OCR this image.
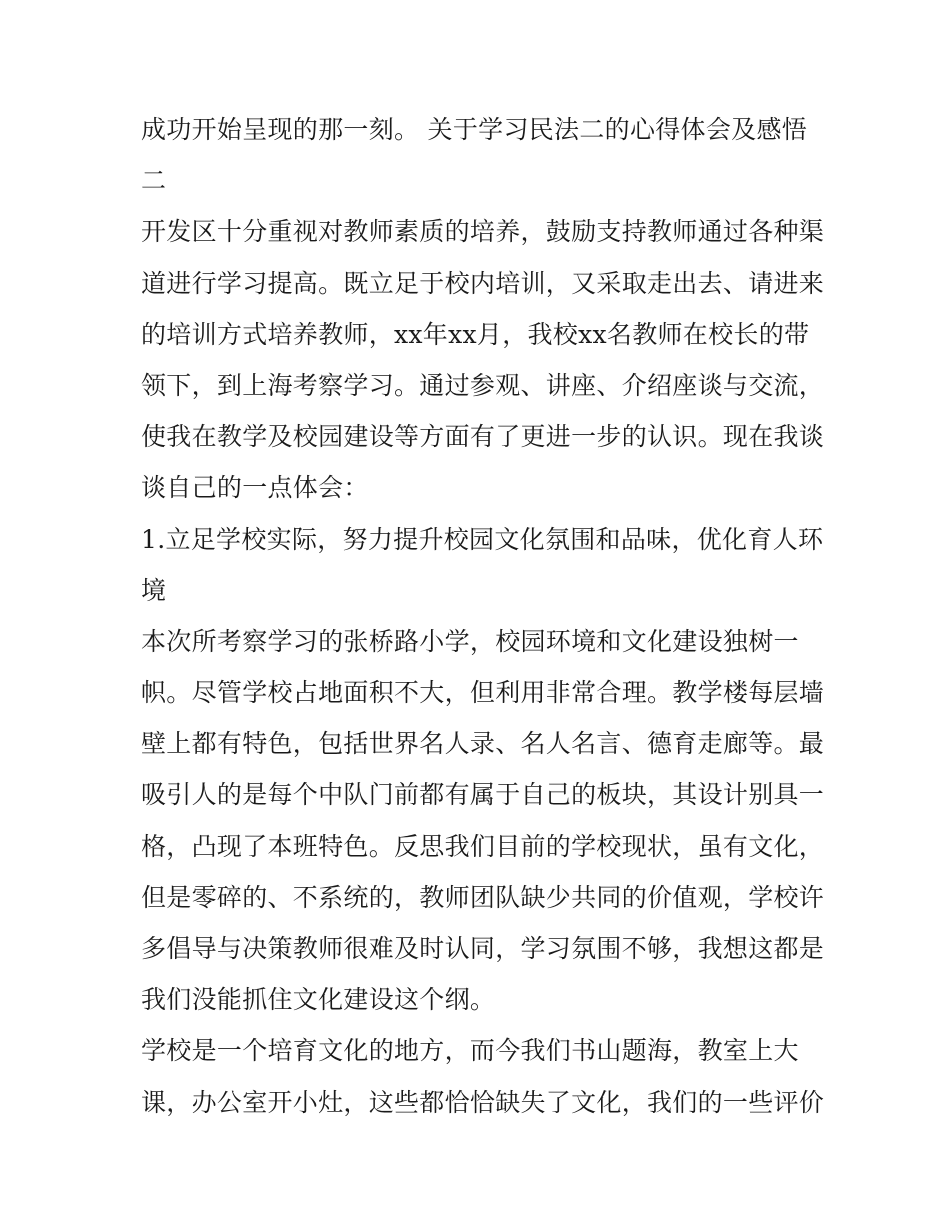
成功开始呈现的那一刻。 关于学习民法二的心得体会及感悟
二
开发区十分重视对教师素质的培养，鼓励支持教师通过各种渠
道进行学习提高。既立足于校内培训，又采取走出去、请进来
的培训方式培养教师，xx年xx月，我校xx名教师在校长的带
领下，到上海考察学习。通过参观、讲座、介绍座谈与交流，
使我在教学及校园建设等方面有了更进一步的认识。现在我谈
谈自己的一点体会：
1.立足学校实际，努力提升校园文化氛围和品味，优化育人环
境
本次所考察学习的张桥路小学，校园环境和文化建设独树一
帜。尽管学校占地面积不大，但利用非常合理。教学楼每层墙
壁上都有特色，包括世界名人录、名人名言、德育走廊等。最
吸引人的是每个中队门前都有属于自己的板块，其设计别具一
格，凸现了本班特色。反思我们目前的学校现状，虽有文化，
但是零碎的、不系统的，教师团队缺少共同的价值观，学校许
多倡导与决策教师很难及时认同，学习氛围不够，我想这都是
我们没能抓住文化建设这个纲。
学校是一个培育文化的地方，而今我们书山题海，教室上大
课，办公室开小灶，这些都恰恰缺失了文化，我们的一些评价
